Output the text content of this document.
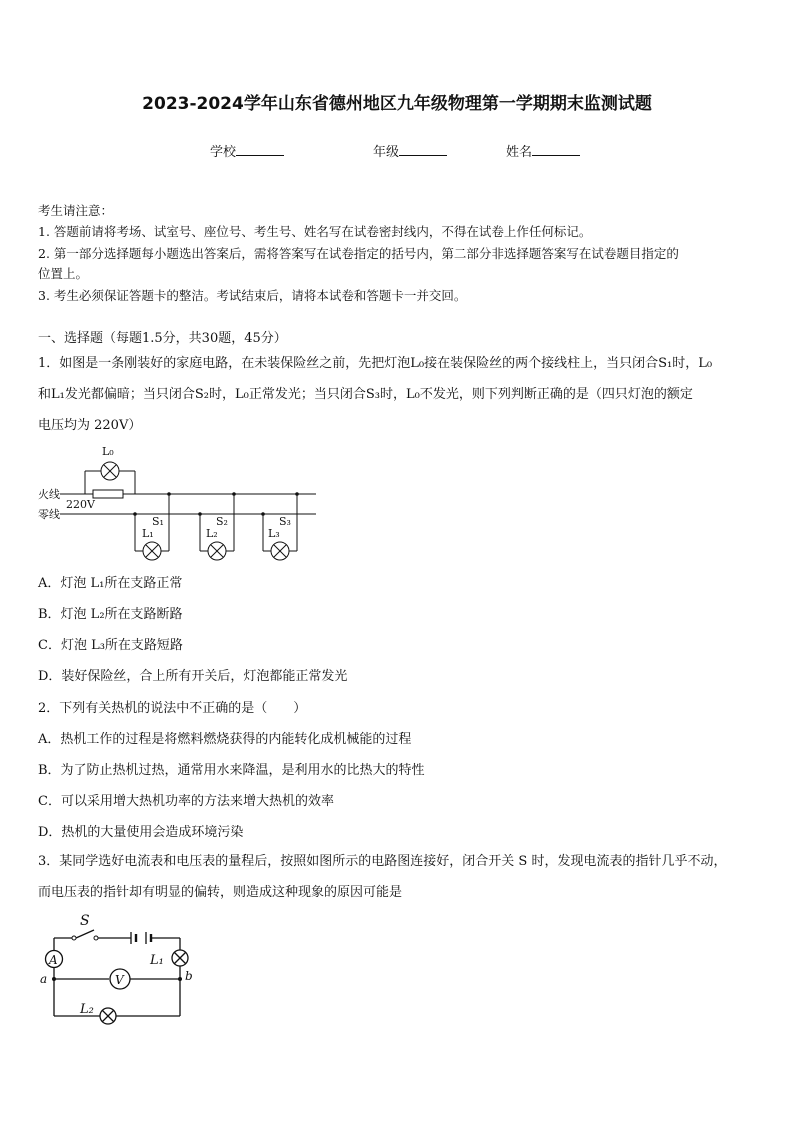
2023-2024学年山东省德州地区九年级物理第一学期期末监测试题
学校	年级	姓名
考生请注意：
1. 答题前请将考场、试室号、座位号、考生号、姓名写在试卷密封线内，不得在试卷上作任何标记。
2. 第一部分选择题每小题选出答案后，需将答案写在试卷指定的括号内，第二部分非选择题答案写在试卷题目指定的
位置上。
3. 考生必须保证答题卡的整洁。考试结束后，请将本试卷和答题卡一并交回。
一、选择题（每题1.5分，共30题，45分）
1．如图是一条刚装好的家庭电路，在未装保险丝之前，先把灯泡L₀接在装保险丝的两个接线柱上，当只闭合S₁时，L₀
和L₁发光都偏暗；当只闭合S₂时，L₀正常发光；当只闭合S₃时，L₀不发光，则下列判断正确的是（四只灯泡的额定
电压均为 220V）
火线
零线
220V
L₀
L₁
S₁
L₂
S₂
L₃
S₃
A．灯泡 L₁所在支路正常
B．灯泡 L₂所在支路断路
C．灯泡 L₃所在支路短路
D．装好保险丝，合上所有开关后，灯泡都能正常发光
2．下列有关热机的说法中不正确的是（　　）
A．热机工作的过程是将燃料燃烧获得的内能转化成机械能的过程
B．为了防止热机过热，通常用水来降温，是利用水的比热大的特性
C．可以采用增大热机功率的方法来增大热机的效率
D．热机的大量使用会造成环境污染
3．某同学选好电流表和电压表的量程后，按照如图所示的电路图连接好，闭合开关 S 时，发现电流表的指针几乎不动，
而电压表的指针却有明显的偏转，则造成这种现象的原因可能是
S
A
V
L₁
L₂
a	b
